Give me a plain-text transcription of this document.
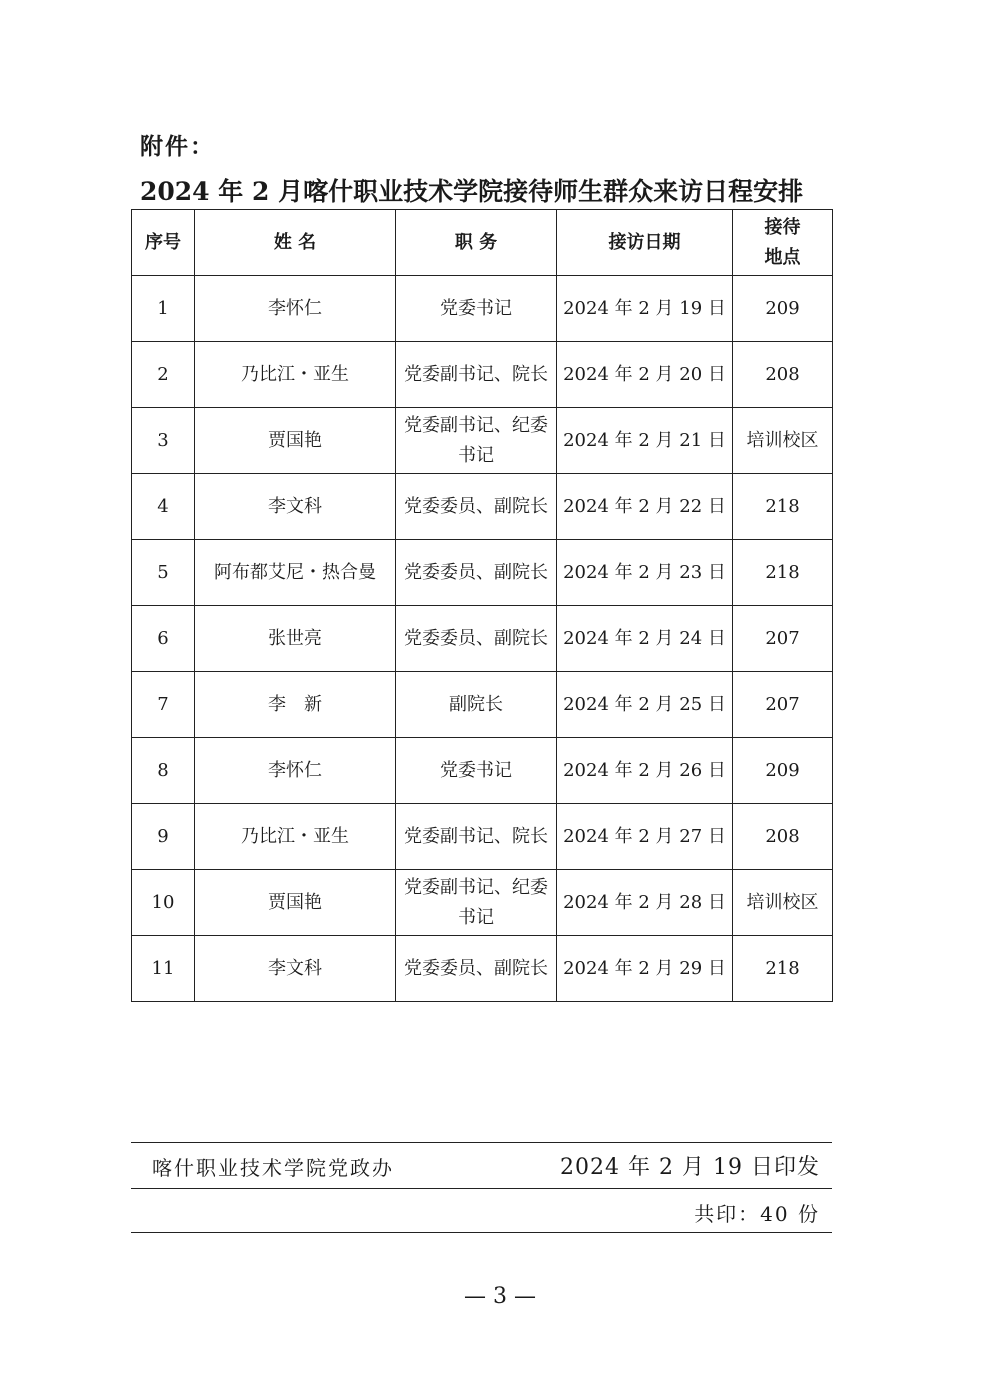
附件：
2024 年 2 月喀什职业技术学院接待师生群众来访日程安排
序号	姓 名	职 务	接访日期	接待
地点
1	李怀仁	党委书记	2024 年 2 月 19 日	209
2	乃比江・亚生	党委副书记、院长	2024 年 2 月 20 日	208
3	贾国艳	党委副书记、纪委书记	2024 年 2 月 21 日	培训校区
4	李文科	党委委员、副院长	2024 年 2 月 22 日	218
5	阿布都艾尼・热合曼	党委委员、副院长	2024 年 2 月 23 日	218
6	张世亮	党委委员、副院长	2024 年 2 月 24 日	207
7	李　新	副院长	2024 年 2 月 25 日	207
8	李怀仁	党委书记	2024 年 2 月 26 日	209
9	乃比江・亚生	党委副书记、院长	2024 年 2 月 27 日	208
10	贾国艳	党委副书记、纪委书记	2024 年 2 月 28 日	培训校区
11	李文科	党委委员、副院长	2024 年 2 月 29 日	218
喀什职业技术学院党政办	2024 年 2 月 19 日印发
共印：40 份
— 3 —
